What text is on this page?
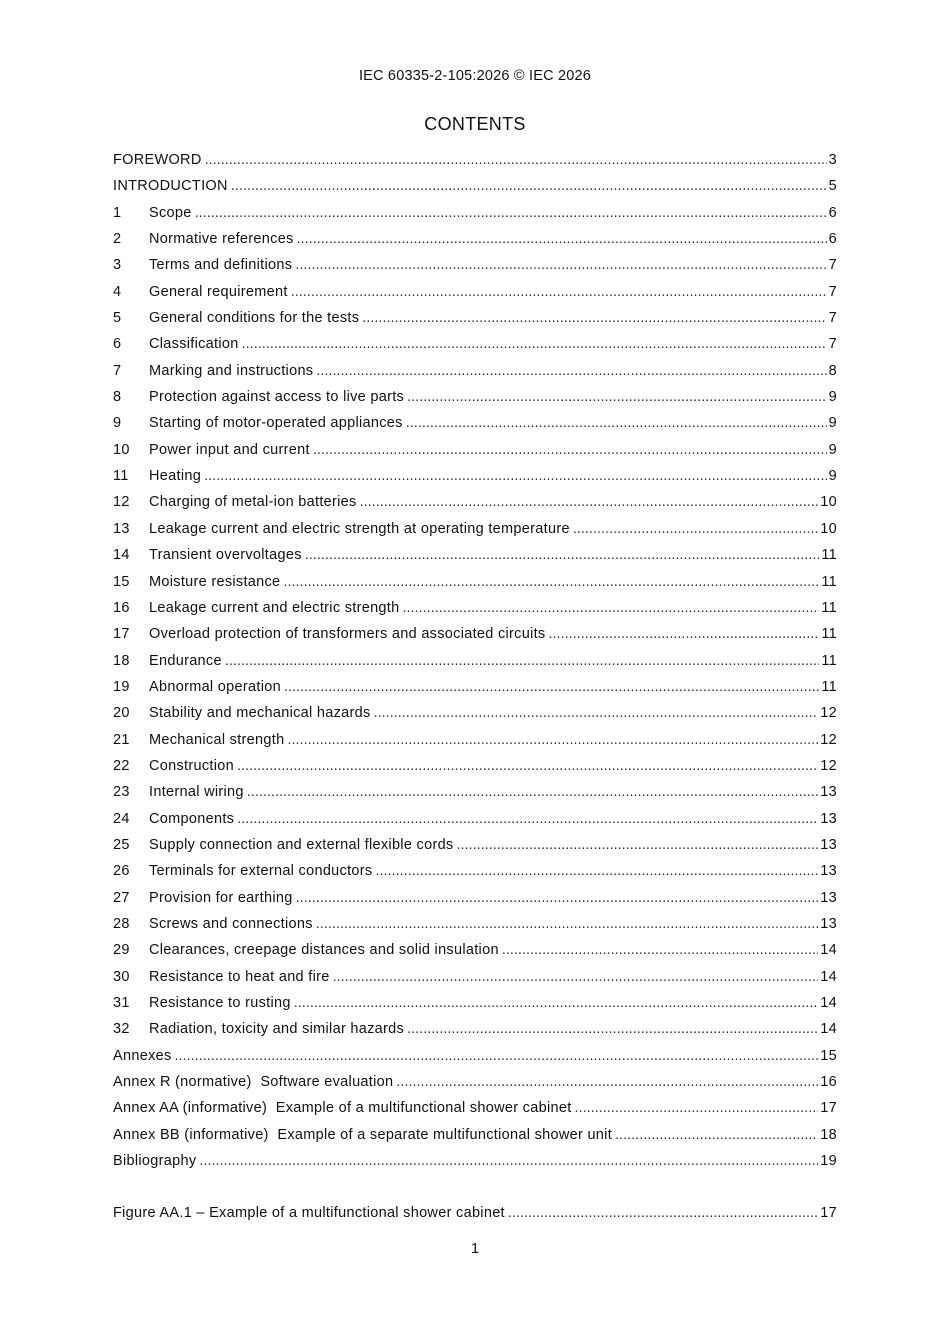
IEC 60335-2-105:2026 © IEC 2026
CONTENTS
FOREWORD .....	3
INTRODUCTION .....	5
1	Scope .....	6
2	Normative references .....	6
3	Terms and definitions .....	7
4	General requirement .....	7
5	General conditions for the tests .....	7
6	Classification .....	7
7	Marking and instructions .....	8
8	Protection against access to live parts .....	9
9	Starting of motor-operated appliances .....	9
10	Power input and current .....	9
11	Heating .....	9
12	Charging of metal-ion batteries .....	10
13	Leakage current and electric strength at operating temperature .....	10
14	Transient overvoltages .....	11
15	Moisture resistance .....	11
16	Leakage current and electric strength .....	11
17	Overload protection of transformers and associated circuits .....	11
18	Endurance .....	11
19	Abnormal operation .....	11
20	Stability and mechanical hazards .....	12
21	Mechanical strength .....	12
22	Construction .....	12
23	Internal wiring .....	13
24	Components .....	13
25	Supply connection and external flexible cords .....	13
26	Terminals for external conductors .....	13
27	Provision for earthing .....	13
28	Screws and connections .....	13
29	Clearances, creepage distances and solid insulation .....	14
30	Resistance to heat and fire .....	14
31	Resistance to rusting .....	14
32	Radiation, toxicity and similar hazards .....	14
Annexes .....	15
Annex R (normative)  Software evaluation .....	16
Annex AA (informative)  Example of a multifunctional shower cabinet .....	17
Annex BB (informative)  Example of a separate multifunctional shower unit .....	18
Bibliography .....	19
Figure AA.1 – Example of a multifunctional shower cabinet .....	17
1
